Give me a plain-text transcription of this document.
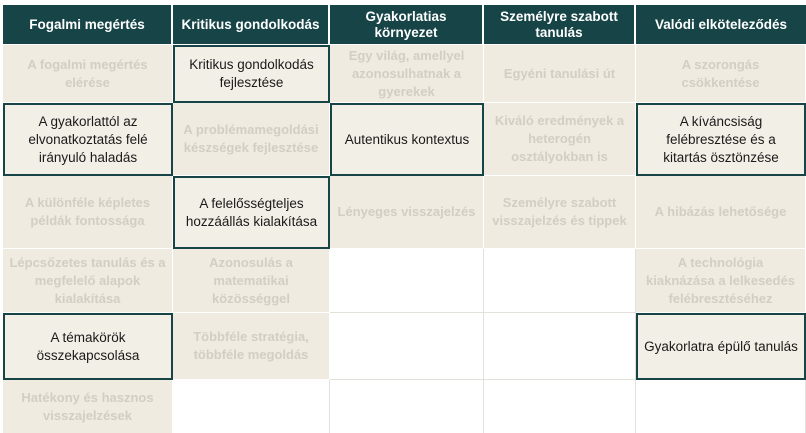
Fogalmi megértés	Kritikus gondolkodás
Gyakorlatias környezet
Személyre szabott tanulás
Valódi elköteleződés
A fogalmi megértés elérése
Kritikus gondolkodás fejlesztése
Egy világ, amellyel azonosulhatnak a gyerekek
Egyéni tanulási út
A szorongás csökkentése
A gyakorlattól az elvonatkoztatás felé irányuló haladás
A problémamegoldási készségek fejlesztése
Autentikus kontextus
Kiváló eredmények a heterogén osztályokban is
A kíváncsiság felébresztése és a kitartás ösztönzése
A különféle képletes példák fontossága
A felelősségteljes hozzáállás kialakítása
Lényeges visszajelzés
Személyre szabott visszajelzés és tippek
A hibázás lehetősége
Lépcsőzetes tanulás és a megfelelő alapok kialakítása
Azonosulás a matematikai közösséggel
A technológia kiaknázása a lelkesedés felébresztéséhez
A témakörök összekapcsolása
Többféle stratégia, többféle megoldás
Gyakorlatra épülő tanulás
Hatékony és hasznos visszajelzések
